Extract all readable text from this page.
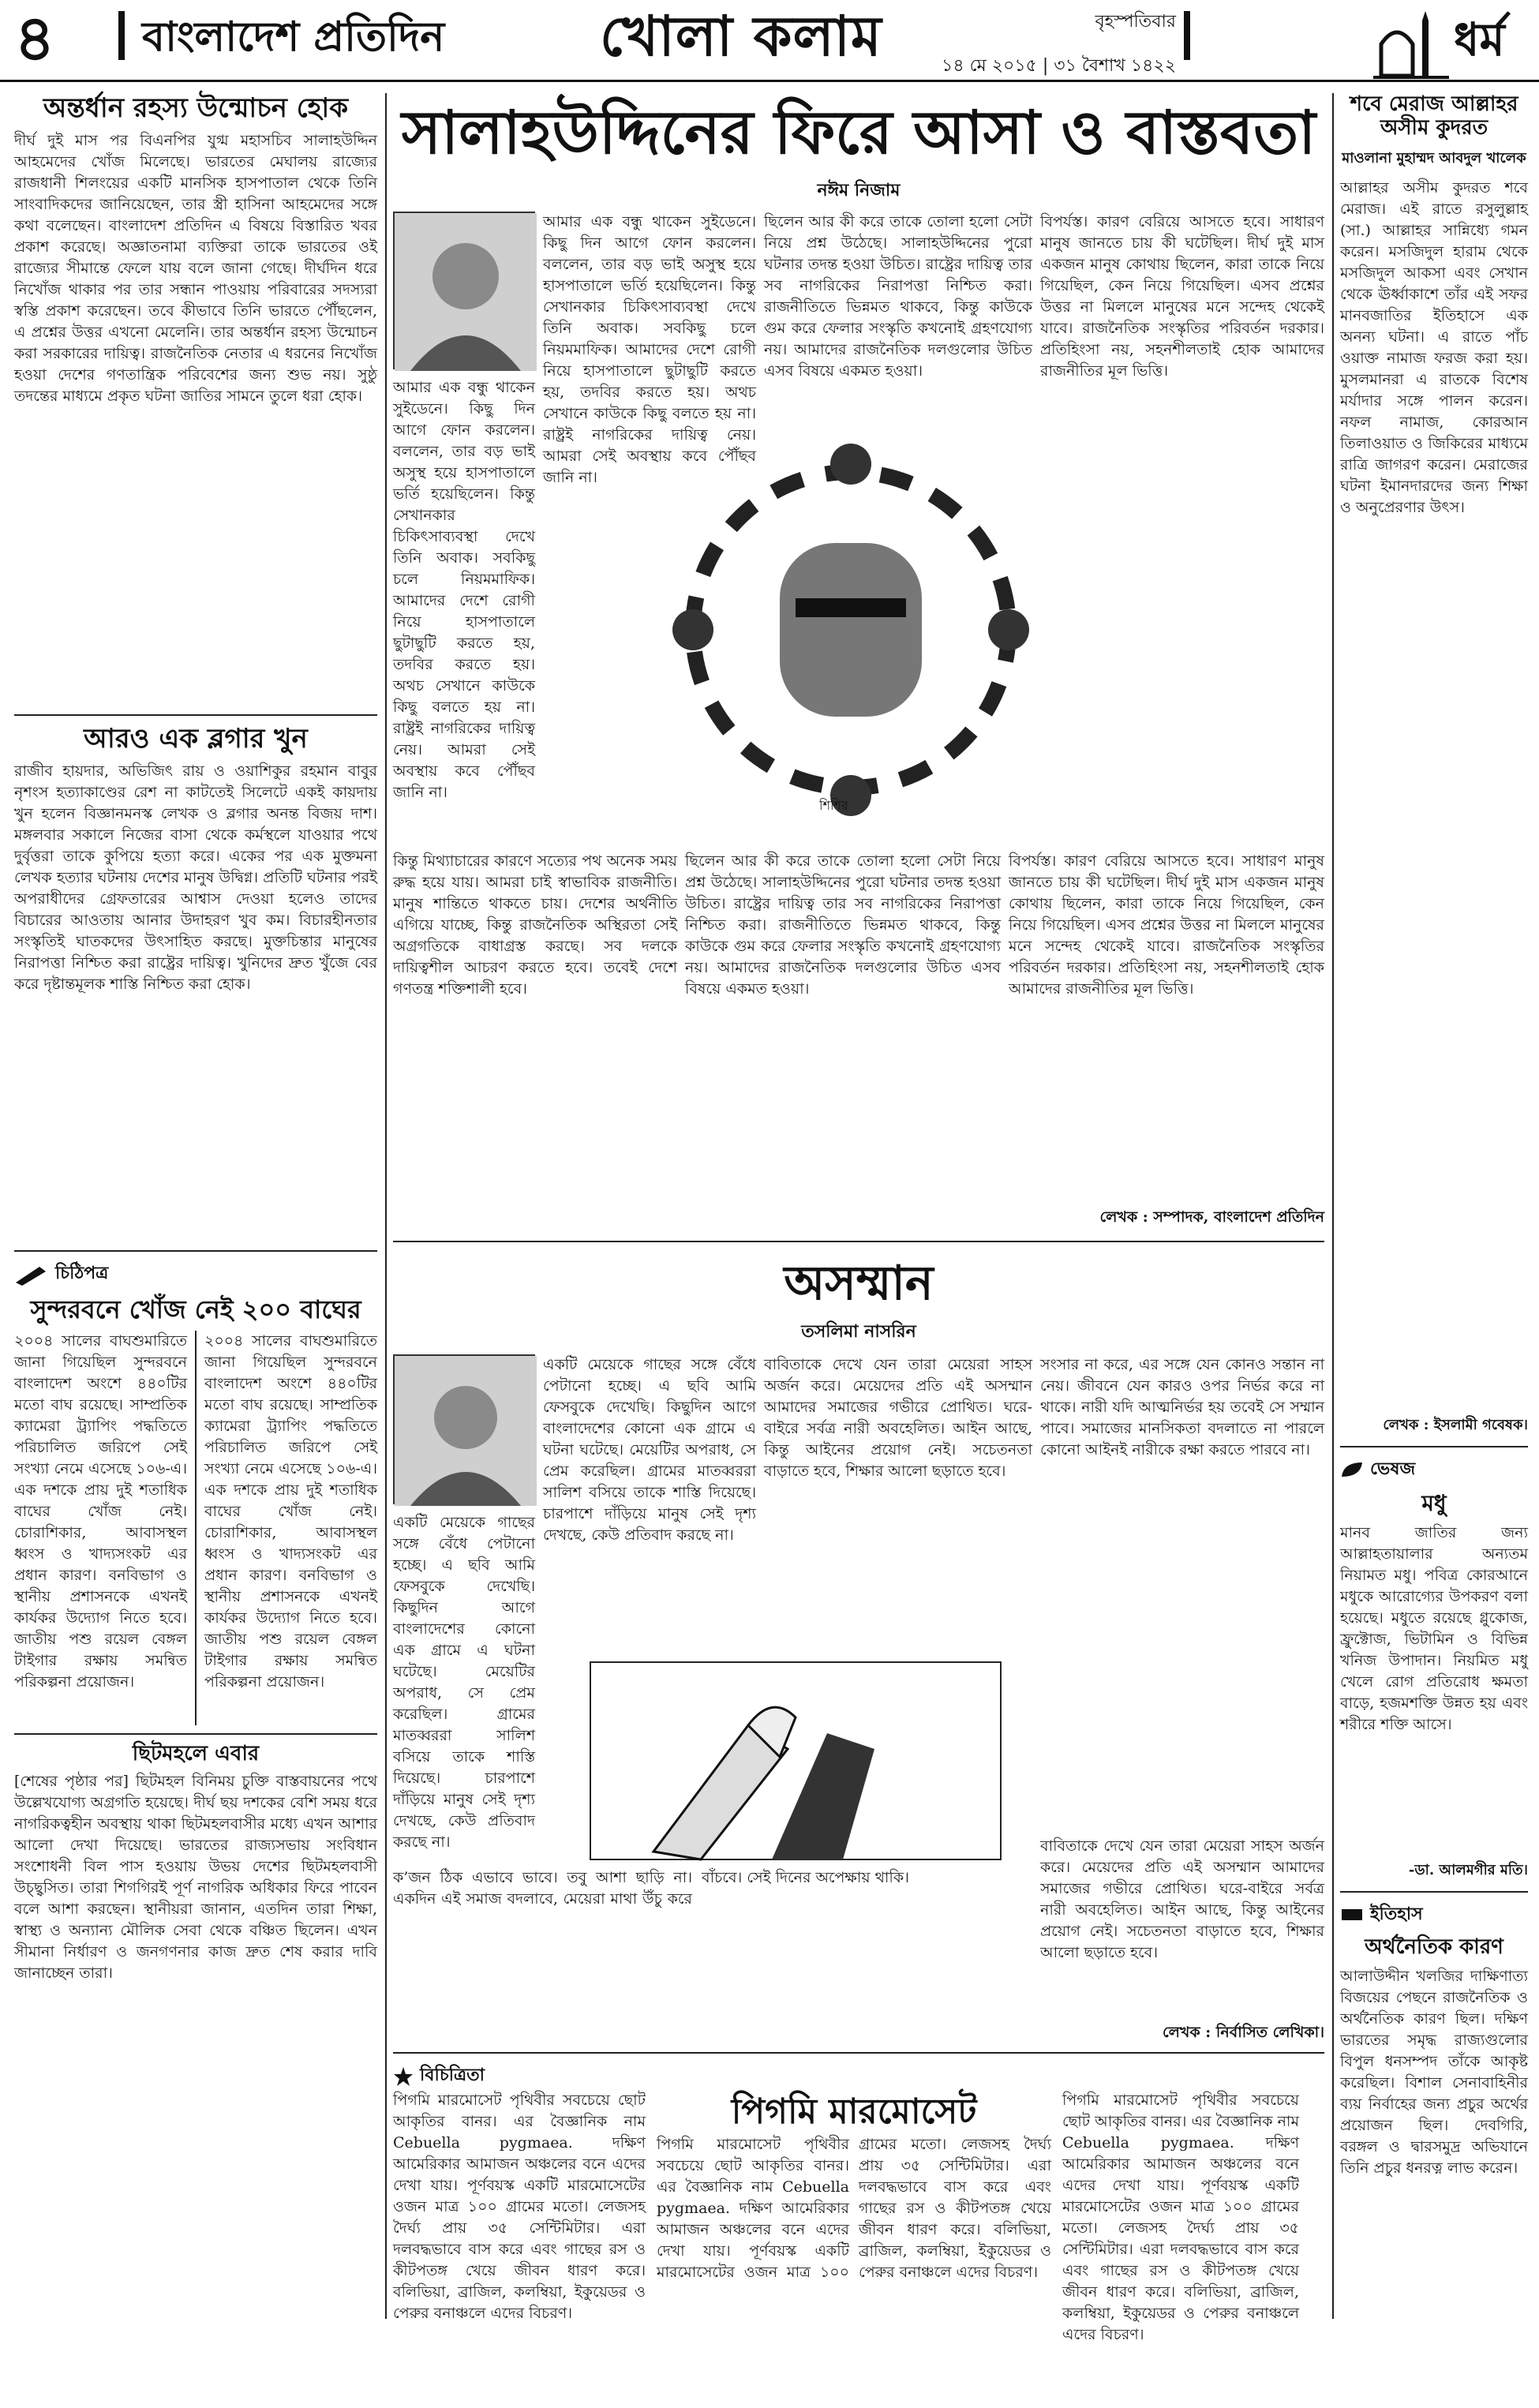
৪ বাংলাদেশ প্রতিদিন	খোলা কলাম	বৃহস্পতিবার
১৪ মে ২০১৫ | ৩১ বৈশাখ ১৪২২	ধর্ম
অন্তর্ধান রহস্য উন্মোচন হোক
দীর্ঘ দুই মাস পর বিএনপির যুগ্ম মহাসচিব সালাহউদ্দিন আহমেদের খোঁজ মিলেছে। ভারতের মেঘালয় রাজ্যের রাজধানী শিলংয়ের একটি মানসিক হাসপাতাল থেকে তিনি সাংবাদিকদের জানিয়েছেন, তার স্ত্রী হাসিনা আহমেদের সঙ্গে কথা বলেছেন। বাংলাদেশ প্রতিদিন এ বিষয়ে বিস্তারিত খবর প্রকাশ করেছে। অজ্ঞাতনামা ব্যক্তিরা তাকে ভারতের ওই রাজ্যের সীমান্তে ফেলে যায় বলে জানা গেছে। দীর্ঘদিন ধরে নিখোঁজ থাকার পর তার সন্ধান পাওয়ায় পরিবারের সদস্যরা স্বস্তি প্রকাশ করেছেন। তবে কীভাবে তিনি ভারতে পৌঁছলেন, এ প্রশ্নের উত্তর এখনো মেলেনি। তার অন্তর্ধান রহস্য উন্মোচন করা সরকারের দায়িত্ব। রাজনৈতিক নেতার এ ধরনের নিখোঁজ হওয়া দেশের গণতান্ত্রিক পরিবেশের জন্য শুভ নয়। সুষ্ঠু তদন্তের মাধ্যমে প্রকৃত ঘটনা জাতির সামনে তুলে ধরা হোক।
আরও এক ব্লগার খুন
রাজীব হায়দার, অভিজিৎ রায় ও ওয়াশিকুর রহমান বাবুর নৃশংস হত্যাকাণ্ডের রেশ না কাটতেই সিলেটে একই কায়দায় খুন হলেন বিজ্ঞানমনস্ক লেখক ও ব্লগার অনন্ত বিজয় দাশ। মঙ্গলবার সকালে নিজের বাসা থেকে কর্মস্থলে যাওয়ার পথে দুর্বৃত্তরা তাকে কুপিয়ে হত্যা করে। একের পর এক মুক্তমনা লেখক হত্যার ঘটনায় দেশের মানুষ উদ্বিগ্ন। প্রতিটি ঘটনার পরই অপরাধীদের গ্রেফতারের আশ্বাস দেওয়া হলেও তাদের বিচারের আওতায় আনার উদাহরণ খুব কম। বিচারহীনতার সংস্কৃতিই ঘাতকদের উৎসাহিত করছে। মুক্তচিন্তার মানুষের নিরাপত্তা নিশ্চিত করা রাষ্ট্রের দায়িত্ব। খুনিদের দ্রুত খুঁজে বের করে দৃষ্টান্তমূলক শাস্তি নিশ্চিত করা হোক।
চিঠিপত্র
সুন্দরবনে খোঁজ নেই ২০০ বাঘের
২০০৪ সালের বাঘশুমারিতে জানা গিয়েছিল সুন্দরবনে বাংলাদেশ অংশে ৪৪০টির মতো বাঘ রয়েছে। সাম্প্রতিক ক্যামেরা ট্র্যাপিং পদ্ধতিতে পরিচালিত জরিপে সেই সংখ্যা নেমে এসেছে ১০৬-এ। এক দশকে প্রায় দুই শতাধিক বাঘের খোঁজ নেই। চোরাশিকার, আবাসস্থল ধ্বংস ও খাদ্যসংকট এর প্রধান কারণ। বনবিভাগ ও স্থানীয় প্রশাসনকে এখনই কার্যকর উদ্যোগ নিতে হবে। জাতীয় পশু রয়েল বেঙ্গল টাইগার রক্ষায় সমন্বিত পরিকল্পনা প্রয়োজন।
২০০৪ সালের বাঘশুমারিতে জানা গিয়েছিল সুন্দরবনে বাংলাদেশ অংশে ৪৪০টির মতো বাঘ রয়েছে। সাম্প্রতিক ক্যামেরা ট্র্যাপিং পদ্ধতিতে পরিচালিত জরিপে সেই সংখ্যা নেমে এসেছে ১০৬-এ। এক দশকে প্রায় দুই শতাধিক বাঘের খোঁজ নেই। চোরাশিকার, আবাসস্থল ধ্বংস ও খাদ্যসংকট এর প্রধান কারণ। বনবিভাগ ও স্থানীয় প্রশাসনকে এখনই কার্যকর উদ্যোগ নিতে হবে। জাতীয় পশু রয়েল বেঙ্গল টাইগার রক্ষায় সমন্বিত পরিকল্পনা প্রয়োজন।
ছিটমহলে এবার
[শেষের পৃষ্ঠার পর] ছিটমহল বিনিময় চুক্তি বাস্তবায়নের পথে উল্লেখযোগ্য অগ্রগতি হয়েছে। দীর্ঘ ছয় দশকের বেশি সময় ধরে নাগরিকত্বহীন অবস্থায় থাকা ছিটমহলবাসীর মধ্যে এখন আশার আলো দেখা দিয়েছে। ভারতের রাজ্যসভায় সংবিধান সংশোধনী বিল পাস হওয়ায় উভয় দেশের ছিটমহলবাসী উচ্ছ্বসিত। তারা শিগগিরই পূর্ণ নাগরিক অধিকার ফিরে পাবেন বলে আশা করছেন। স্থানীয়রা জানান, এতদিন তারা শিক্ষা, স্বাস্থ্য ও অন্যান্য মৌলিক সেবা থেকে বঞ্চিত ছিলেন। এখন সীমানা নির্ধারণ ও জনগণনার কাজ দ্রুত শেষ করার দাবি জানাচ্ছেন তারা।
সালাহউদ্দিনের ফিরে আসা ও বাস্তবতা
নঈম নিজাম
আমার এক বন্ধু থাকেন সুইডেনে। কিছু দিন আগে ফোন করলেন। বললেন, তার বড় ভাই অসুস্থ হয়ে হাসপাতালে ভর্তি হয়েছিলেন। কিন্তু সেখানকার চিকিৎসাব্যবস্থা দেখে তিনি অবাক। সবকিছু চলে নিয়মমাফিক। আমাদের দেশে রোগী নিয়ে হাসপাতালে ছুটাছুটি করতে হয়, তদবির করতে হয়। অথচ সেখানে কাউকে কিছু বলতে হয় না। রাষ্ট্রই নাগরিকের দায়িত্ব নেয়। আমরা সেই অবস্থায় কবে পৌঁছব জানি না।
আমার এক বন্ধু থাকেন সুইডেনে। কিছু দিন আগে ফোন করলেন। বললেন, তার বড় ভাই অসুস্থ হয়ে হাসপাতালে ভর্তি হয়েছিলেন। কিন্তু সেখানকার চিকিৎসাব্যবস্থা দেখে তিনি অবাক। সবকিছু চলে নিয়মমাফিক। আমাদের দেশে রোগী নিয়ে হাসপাতালে ছুটাছুটি করতে হয়, তদবির করতে হয়। অথচ সেখানে কাউকে কিছু বলতে হয় না। রাষ্ট্রই নাগরিকের দায়িত্ব নেয়। আমরা সেই অবস্থায় কবে পৌঁছব জানি না।
ছিলেন আর কী করে তাকে তোলা হলো সেটা নিয়ে প্রশ্ন উঠেছে। সালাহউদ্দিনের পুরো ঘটনার তদন্ত হওয়া উচিত। রাষ্ট্রের দায়িত্ব তার সব নাগরিকের নিরাপত্তা নিশ্চিত করা। রাজনীতিতে ভিন্নমত থাকবে, কিন্তু কাউকে গুম করে ফেলার সংস্কৃতি কখনোই গ্রহণযোগ্য নয়। আমাদের রাজনৈতিক দলগুলোর উচিত এসব বিষয়ে একমত হওয়া।
বিপর্যস্ত। কারণ বেরিয়ে আসতে হবে। সাধারণ মানুষ জানতে চায় কী ঘটেছিল। দীর্ঘ দুই মাস একজন মানুষ কোথায় ছিলেন, কারা তাকে নিয়ে গিয়েছিল, কেন নিয়ে গিয়েছিল। এসব প্রশ্নের উত্তর না মিললে মানুষের মনে সন্দেহ থেকেই যাবে। রাজনৈতিক সংস্কৃতির পরিবর্তন দরকার। প্রতিহিংসা নয়, সহনশীলতাই হোক আমাদের রাজনীতির মূল ভিত্তি।
শিশির
কিন্তু মিথ্যাচারের কারণে সত্যের পথ অনেক সময় রুদ্ধ হয়ে যায়। আমরা চাই স্বাভাবিক রাজনীতি। মানুষ শান্তিতে থাকতে চায়। দেশের অর্থনীতি এগিয়ে যাচ্ছে, কিন্তু রাজনৈতিক অস্থিরতা সেই অগ্রগতিকে বাধাগ্রস্ত করছে। সব দলকে দায়িত্বশীল আচরণ করতে হবে। তবেই দেশে গণতন্ত্র শক্তিশালী হবে।
ছিলেন আর কী করে তাকে তোলা হলো সেটা নিয়ে প্রশ্ন উঠেছে। সালাহউদ্দিনের পুরো ঘটনার তদন্ত হওয়া উচিত। রাষ্ট্রের দায়িত্ব তার সব নাগরিকের নিরাপত্তা নিশ্চিত করা। রাজনীতিতে ভিন্নমত থাকবে, কিন্তু কাউকে গুম করে ফেলার সংস্কৃতি কখনোই গ্রহণযোগ্য নয়। আমাদের রাজনৈতিক দলগুলোর উচিত এসব বিষয়ে একমত হওয়া।
বিপর্যস্ত। কারণ বেরিয়ে আসতে হবে। সাধারণ মানুষ জানতে চায় কী ঘটেছিল। দীর্ঘ দুই মাস একজন মানুষ কোথায় ছিলেন, কারা তাকে নিয়ে গিয়েছিল, কেন নিয়ে গিয়েছিল। এসব প্রশ্নের উত্তর না মিললে মানুষের মনে সন্দেহ থেকেই যাবে। রাজনৈতিক সংস্কৃতির পরিবর্তন দরকার। প্রতিহিংসা নয়, সহনশীলতাই হোক আমাদের রাজনীতির মূল ভিত্তি।
লেখক : সম্পাদক, বাংলাদেশ প্রতিদিন
অসম্মান
তসলিমা নাসরিন
একটি মেয়েকে গাছের সঙ্গে বেঁধে পেটানো হচ্ছে। এ ছবি আমি ফেসবুকে দেখেছি। কিছুদিন আগে বাংলাদেশের কোনো এক গ্রামে এ ঘটনা ঘটেছে। মেয়েটির অপরাধ, সে প্রেম করেছিল। গ্রামের মাতব্বররা সালিশ বসিয়ে তাকে শাস্তি দিয়েছে। চারপাশে দাঁড়িয়ে মানুষ সেই দৃশ্য দেখছে, কেউ প্রতিবাদ করছে না।
একটি মেয়েকে গাছের সঙ্গে বেঁধে পেটানো হচ্ছে। এ ছবি আমি ফেসবুকে দেখেছি। কিছুদিন আগে বাংলাদেশের কোনো এক গ্রামে এ ঘটনা ঘটেছে। মেয়েটির অপরাধ, সে প্রেম করেছিল। গ্রামের মাতব্বররা সালিশ বসিয়ে তাকে শাস্তি দিয়েছে। চারপাশে দাঁড়িয়ে মানুষ সেই দৃশ্য দেখছে, কেউ প্রতিবাদ করছে না।
বাবিতাকে দেখে যেন তারা মেয়েরা সাহস অর্জন করে। মেয়েদের প্রতি এই অসম্মান আমাদের সমাজের গভীরে প্রোথিত। ঘরে-বাইরে সর্বত্র নারী অবহেলিত। আইন আছে, কিন্তু আইনের প্রয়োগ নেই। সচেতনতা বাড়াতে হবে, শিক্ষার আলো ছড়াতে হবে।
সংসার না করে, এর সঙ্গে যেন কোনও সন্তান না নেয়। জীবনে যেন কারও ওপর নির্ভর করে না থাকে। নারী যদি আত্মনির্ভর হয় তবেই সে সম্মান পাবে। সমাজের মানসিকতা বদলাতে না পারলে কোনো আইনই নারীকে রক্ষা করতে পারবে না।
ক’জন ঠিক এভাবে ভাবে। তবু আশা ছাড়ি না। একদিন এই সমাজ বদলাবে, মেয়েরা মাথা উঁচু করে বাঁচবে। সেই দিনের অপেক্ষায় থাকি।
বাবিতাকে দেখে যেন তারা মেয়েরা সাহস অর্জন করে। মেয়েদের প্রতি এই অসম্মান আমাদের সমাজের গভীরে প্রোথিত। ঘরে-বাইরে সর্বত্র নারী অবহেলিত। আইন আছে, কিন্তু আইনের প্রয়োগ নেই। সচেতনতা বাড়াতে হবে, শিক্ষার আলো ছড়াতে হবে।
লেখক : নির্বাসিত লেখিকা।
বিচিত্রিতা
পিগমি মারমোসেট পৃথিবীর সবচেয়ে ছোট আকৃতির বানর। এর বৈজ্ঞানিক নাম Cebuella pygmaea. দক্ষিণ আমেরিকার আমাজন অঞ্চলের বনে এদের দেখা যায়। পূর্ণবয়স্ক একটি মারমোসেটের ওজন মাত্র ১০০ গ্রামের মতো। লেজসহ দৈর্ঘ্য প্রায় ৩৫ সেন্টিমিটার। এরা দলবদ্ধভাবে বাস করে এবং গাছের রস ও কীটপতঙ্গ খেয়ে জীবন ধারণ করে। বলিভিয়া, ব্রাজিল, কলম্বিয়া, ইকুয়েডর ও পেরুর বনাঞ্চলে এদের বিচরণ।
পিগমি মারমোসেট
পিগমি মারমোসেট পৃথিবীর সবচেয়ে ছোট আকৃতির বানর। এর বৈজ্ঞানিক নাম Cebuella pygmaea. দক্ষিণ আমেরিকার আমাজন অঞ্চলের বনে এদের দেখা যায়। পূর্ণবয়স্ক একটি মারমোসেটের ওজন মাত্র ১০০ গ্রামের মতো। লেজসহ দৈর্ঘ্য প্রায় ৩৫ সেন্টিমিটার। এরা দলবদ্ধভাবে বাস করে এবং গাছের রস ও কীটপতঙ্গ খেয়ে জীবন ধারণ করে। বলিভিয়া, ব্রাজিল, কলম্বিয়া, ইকুয়েডর ও পেরুর বনাঞ্চলে এদের বিচরণ।
পিগমি মারমোসেট পৃথিবীর সবচেয়ে ছোট আকৃতির বানর। এর বৈজ্ঞানিক নাম Cebuella pygmaea. দক্ষিণ আমেরিকার আমাজন অঞ্চলের বনে এদের দেখা যায়। পূর্ণবয়স্ক একটি মারমোসেটের ওজন মাত্র ১০০ গ্রামের মতো। লেজসহ দৈর্ঘ্য প্রায় ৩৫ সেন্টিমিটার। এরা দলবদ্ধভাবে বাস করে এবং গাছের রস ও কীটপতঙ্গ খেয়ে জীবন ধারণ করে। বলিভিয়া, ব্রাজিল, কলম্বিয়া, ইকুয়েডর ও পেরুর বনাঞ্চলে এদের বিচরণ।
শবে মেরাজ আল্লাহর অসীম কুদরত
মাওলানা মুহাম্মদ আবদুল খালেক
আল্লাহর অসীম কুদরত শবে মেরাজ। এই রাতে রসুলুল্লাহ (সা.) আল্লাহর সান্নিধ্যে গমন করেন। মসজিদুল হারাম থেকে মসজিদুল আকসা এবং সেখান থেকে ঊর্ধ্বাকাশে তাঁর এই সফর মানবজাতির ইতিহাসে এক অনন্য ঘটনা। এ রাতে পাঁচ ওয়াক্ত নামাজ ফরজ করা হয়। মুসলমানরা এ রাতকে বিশেষ মর্যাদার সঙ্গে পালন করেন। নফল নামাজ, কোরআন তিলাওয়াত ও জিকিরের মাধ্যমে রাত্রি জাগরণ করেন। মেরাজের ঘটনা ইমানদারদের জন্য শিক্ষা ও অনুপ্রেরণার উৎস।
লেখক : ইসলামী গবেষক।
ভেষজ
মধু
মানব জাতির জন্য আল্লাহতায়ালার অন্যতম নিয়ামত মধু। পবিত্র কোরআনে মধুকে আরোগ্যের উপকরণ বলা হয়েছে। মধুতে রয়েছে গ্লুকোজ, ফ্রুক্টোজ, ভিটামিন ও বিভিন্ন খনিজ উপাদান। নিয়মিত মধু খেলে রোগ প্রতিরোধ ক্ষমতা বাড়ে, হজমশক্তি উন্নত হয় এবং শরীরে শক্তি আসে।
-ডা. আলমগীর মতি।
ইতিহাস
অর্থনৈতিক কারণ
আলাউদ্দীন খলজির দাক্ষিণাত্য বিজয়ের পেছনে রাজনৈতিক ও অর্থনৈতিক কারণ ছিল। দক্ষিণ ভারতের সমৃদ্ধ রাজ্যগুলোর বিপুল ধনসম্পদ তাঁকে আকৃষ্ট করেছিল। বিশাল সেনাবাহিনীর ব্যয় নির্বাহের জন্য প্রচুর অর্থের প্রয়োজন ছিল। দেবগিরি, বরঙ্গল ও দ্বারসমুদ্র অভিযানে তিনি প্রচুর ধনরত্ন লাভ করেন।
